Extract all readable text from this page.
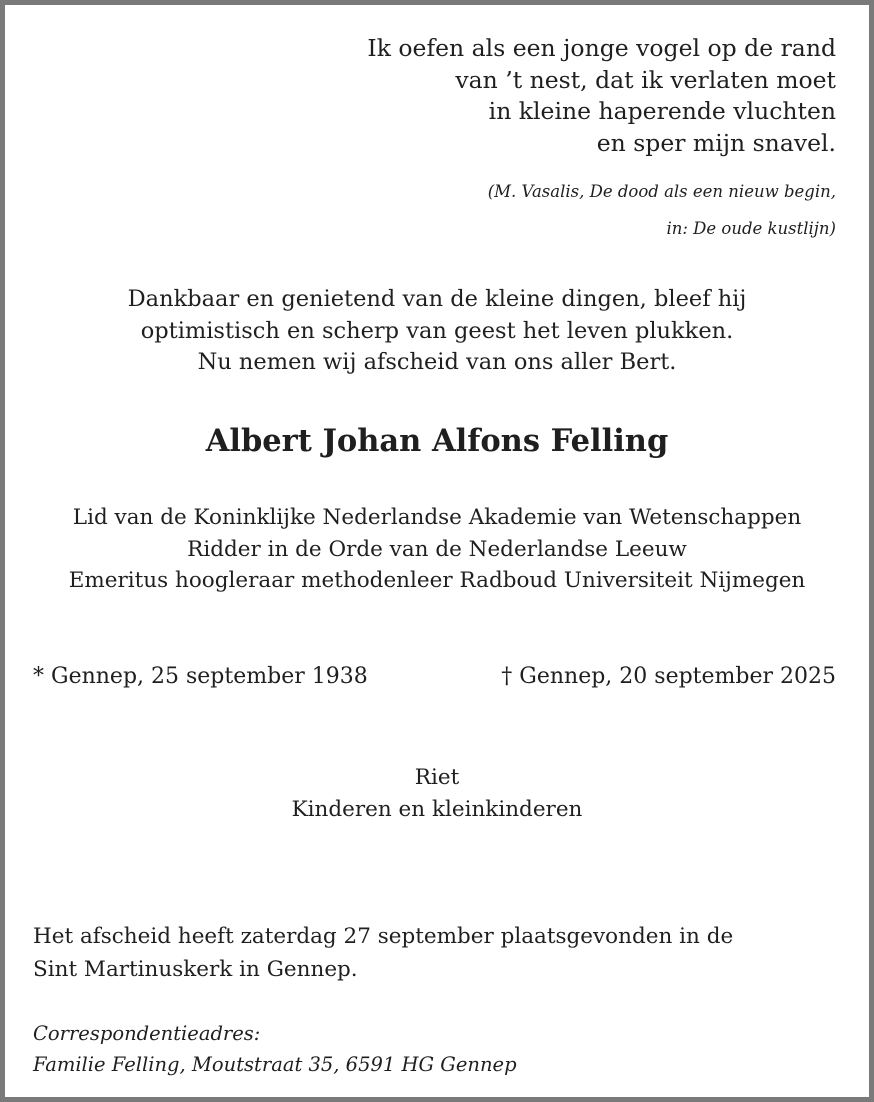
Ik oefen als een jonge vogel op de rand
van ’t nest, dat ik verlaten moet
in kleine haperende vluchten
en sper mijn snavel.
(M. Vasalis, De dood als een nieuw begin,
in: De oude kustlijn)
Dankbaar en genietend van de kleine dingen, bleef hij
optimistisch en scherp van geest het leven plukken.
Nu nemen wij afscheid van ons aller Bert.
Albert Johan Alfons Felling
Lid van de Koninklijke Nederlandse Akademie van Wetenschappen
Ridder in de Orde van de Nederlandse Leeuw
Emeritus hoogleraar methodenleer Radboud Universiteit Nijmegen
* Gennep, 25 september 1938	† Gennep, 20 september 2025
Riet
Kinderen en kleinkinderen
Het afscheid heeft zaterdag 27 september plaatsgevonden in de
Sint Martinuskerk in Gennep.
Correspondentieadres:
Familie Felling, Moutstraat 35, 6591 HG Gennep
